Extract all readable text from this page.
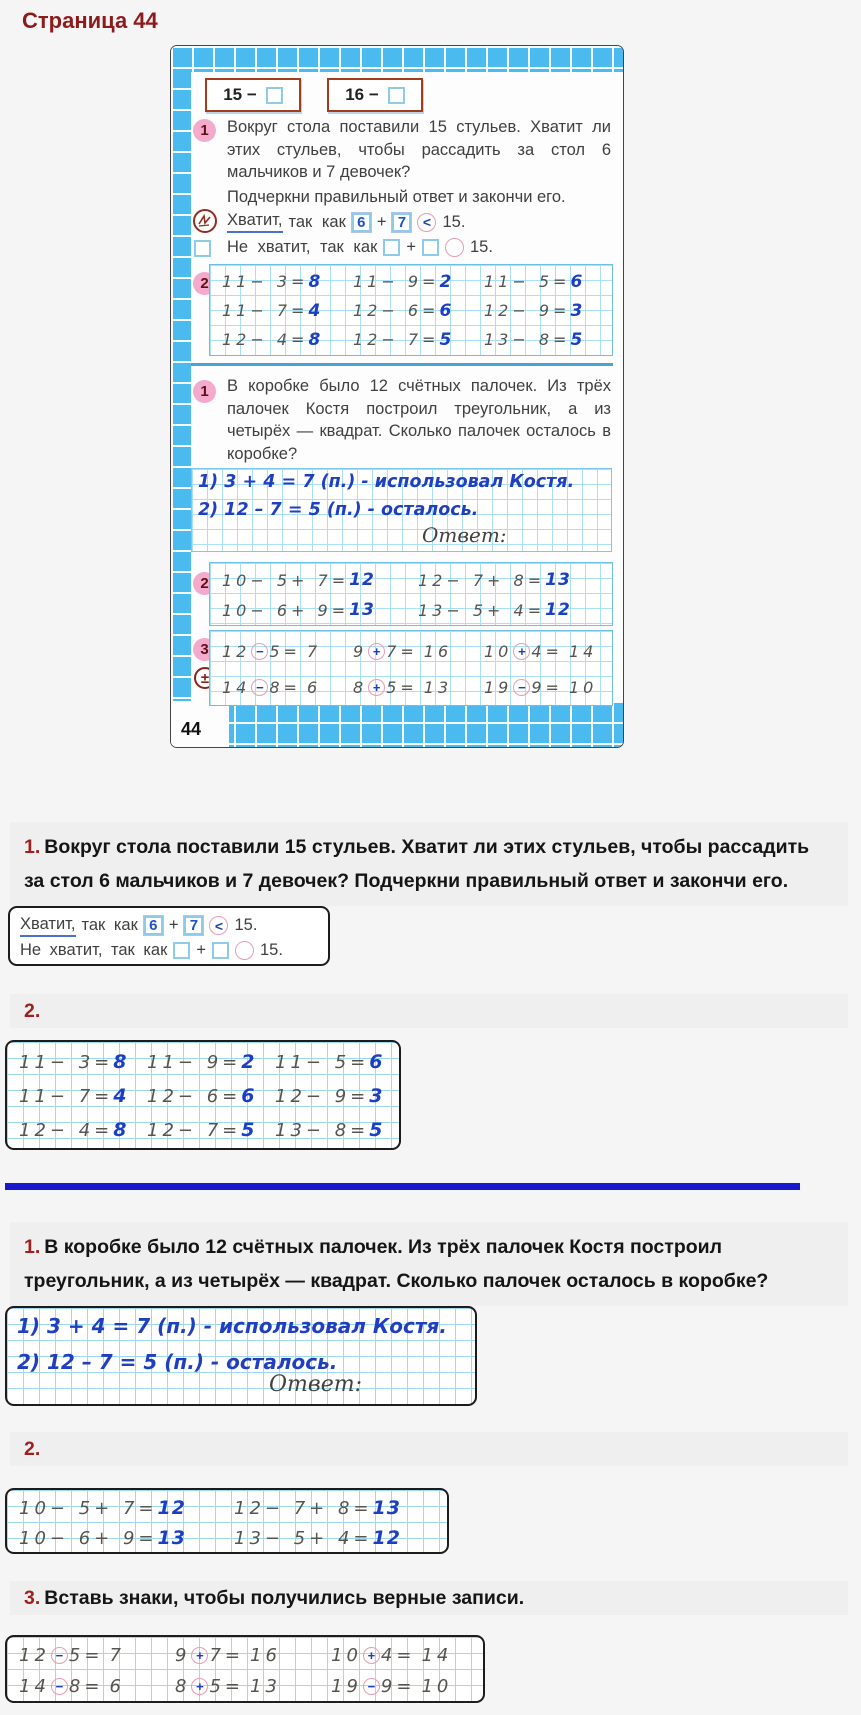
Страница 44
44
15 −	16 −
1	Вокруг стола поставили 15 стульев. Хватит ли этих стульев, чтобы рассадить за стол 6 мальчиков и 7 девочек?

Подчеркни правильный ответ и закончи его.

Хватит, так как 6 + 7	< 15.
Не хватит, так как +	15.
2 11− 3= 8 11− 9= 2 11− 5= 6
11− 7= 4 12− 6= 6 12− 9= 3
12− 4= 8 12− 7= 5 13− 8= 5
1	В коробке было 12 счётных палочек. Из трёх палочек Костя построил треугольник, а из четырёх — квадрат. Сколько палочек осталось в коробке?

1) 3 + 4 = 7 (п.) - использовал Костя.
2) 12 – 7 = 5 (п.) - осталось.
Ответ:
2 10− 5+ 7= 12	12− 7+ 8= 13
10− 6+ 9= 13	13− 5+ 4= 12
3
±
12 − 5= 7 9 + 7= 16 10 + 4= 14
14 − 8= 6 8 + 5= 13 19 − 9= 10
1. Вокруг стола поставили 15 стульев. Хватит ли этих стульев, чтобы рассадить за стол 6 мальчиков и 7 девочек? Подчеркни правильный ответ и закончи его.
Хватит, так как 6 + 7	< 15.
Не хватит, так как +	15.
2.
11− 3= 8 11− 9= 2 11− 5= 6
11− 7= 4 12− 6= 6 12− 9= 3
12− 4= 8 12− 7= 5 13− 8= 5
1. В коробке было 12 счётных палочек. Из трёх палочек Костя построил треугольник, а из четырёх — квадрат. Сколько палочек осталось в коробке?
1) 3 + 4 = 7 (п.) - использовал Костя.
2) 12 – 7 = 5 (п.) - осталось.
Ответ:
2.
10− 5+ 7= 12	12− 7+ 8= 13
10− 6+ 9= 13	13− 5+ 4= 12
3. Вставь знаки, чтобы получились верные записи.
12 − 5= 7	9 + 7= 16	10 + 4= 14
14 − 8= 6	8 + 5= 13	19 − 9= 10
